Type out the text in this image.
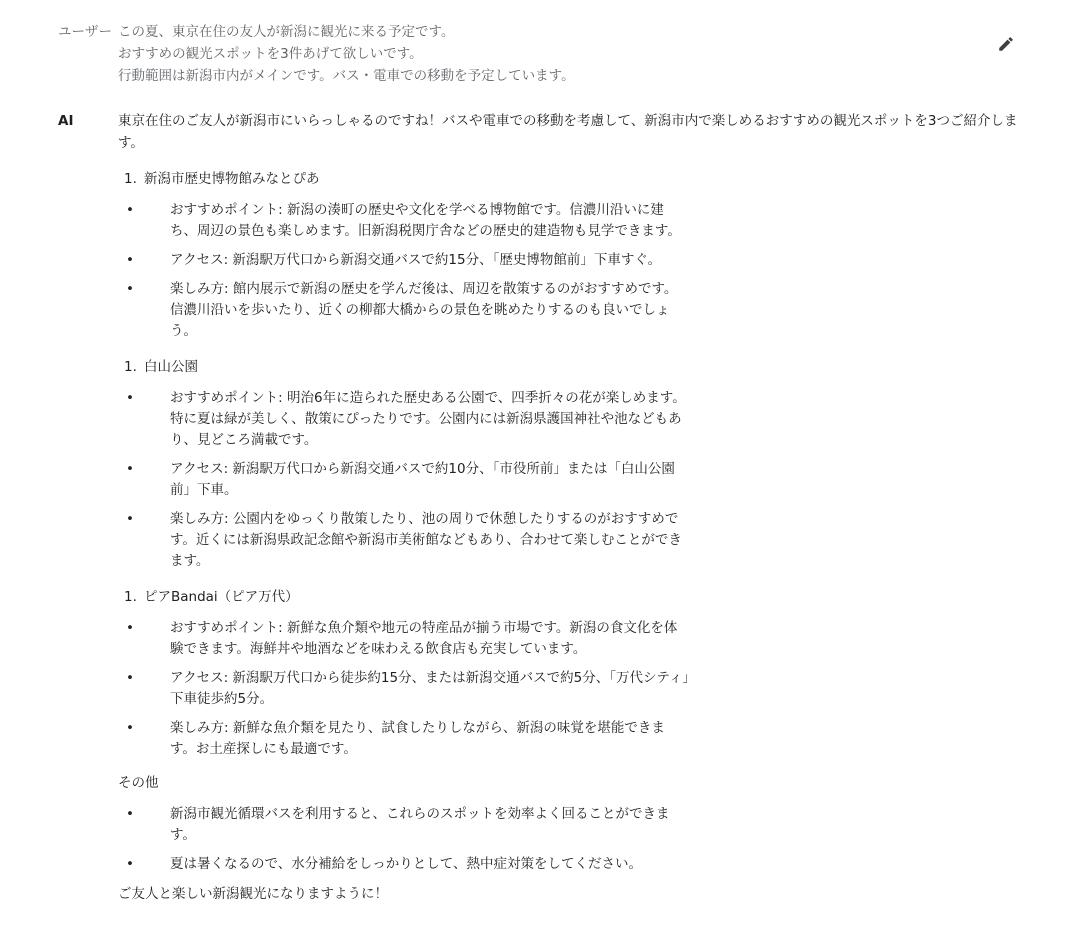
ユーザー この夏、東京在住の友人が新潟に観光に来る予定です。
おすすめの観光スポットを3件あげて欲しいです。
行動範囲は新潟市内がメインです。バス・電車での移動を予定しています。
AI	東京在住のご友人が新潟市にいらっしゃるのですね！バスや電車での移動を考慮して、新潟市内で楽しめるおすすめの観光スポットを3つご紹介します。

1. 新潟市歴史博物館みなとぴあ
• おすすめポイント: 新潟の湊町の歴史や文化を学べる博物館です。信濃川沿いに建ち、周辺の景色も楽しめます。旧新潟税関庁舎などの歴史的建造物も見学できます。
• アクセス: 新潟駅万代口から新潟交通バスで約15分、「歴史博物館前」下車すぐ。
• 楽しみ方: 館内展示で新潟の歴史を学んだ後は、周辺を散策するのがおすすめです。信濃川沿いを歩いたり、近くの柳都大橋からの景色を眺めたりするのも良いでしょう。
1. 白山公園
• おすすめポイント: 明治6年に造られた歴史ある公園で、四季折々の花が楽しめます。特に夏は緑が美しく、散策にぴったりです。公園内には新潟県護国神社や池などもあり、見どころ満載です。
• アクセス: 新潟駅万代口から新潟交通バスで約10分、「市役所前」または「白山公園前」下車。
• 楽しみ方: 公園内をゆっくり散策したり、池の周りで休憩したりするのがおすすめです。近くには新潟県政記念館や新潟市美術館などもあり、合わせて楽しむことができます。
1. ピアBandai（ピア万代）
• おすすめポイント: 新鮮な魚介類や地元の特産品が揃う市場です。新潟の食文化を体験できます。海鮮丼や地酒などを味わえる飲食店も充実しています。
• アクセス: 新潟駅万代口から徒歩約15分、または新潟交通バスで約5分、「万代シティ」下車徒歩約5分。
• 楽しみ方: 新鮮な魚介類を見たり、試食したりしながら、新潟の味覚を堪能できます。お土産探しにも最適です。

その他

• 新潟市観光循環バスを利用すると、これらのスポットを効率よく回ることができます。
• 夏は暑くなるので、水分補給をしっかりとして、熱中症対策をしてください。

ご友人と楽しい新潟観光になりますように！
